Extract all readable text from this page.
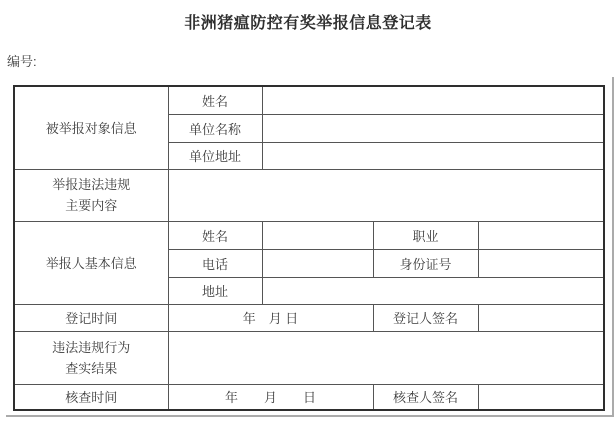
非洲猪瘟防控有奖举报信息登记表
编号:
被举报对象信息	姓名			
	单位名称			
	单位地址			

举报违法违规
主要内容				

举报人基本信息	姓名		职业	
	电话		身份证号	
	地址			
登记时间	年　月 日		登记人签名	

违法违规行为
查实结果				

核查时间	年　　月　　日		核查人签名	
